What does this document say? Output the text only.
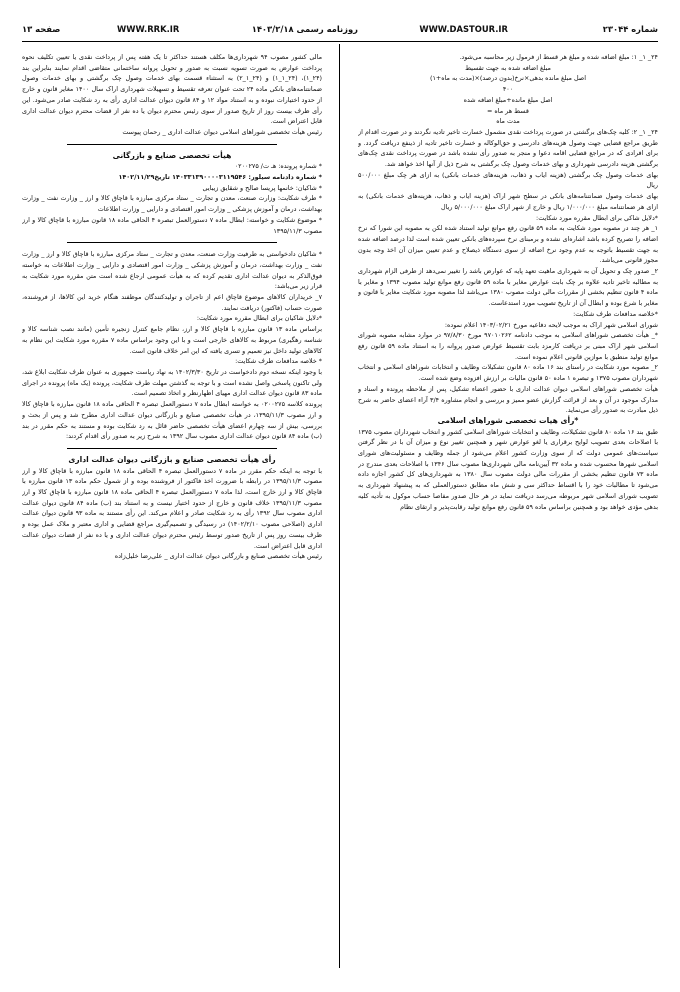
شماره ۲۳۰۴۴
WWW.DASTOUR.IR
روزنامه رسمی ۱۴۰۳/۲/۱۸
WWW.RRK.IR
صفحه ۱۳

۲۴_ ۱_ ۱: مبلغ اضافه شده و مبلغ هر قسط از فرمول زیر محاسبه می‌شود.

مبلغ اضافه شده به جهت تقسیط

اصل مبلغ مانده بدهی×نرخ(بدون درصد)×(مدت به ماه+۱)

۴۰۰

اصل مبلغ مانده+مبلغ اضافه شده

قسط هر ماه =

مدت ماه

۲۴_ ۱_ ۲: کلیه چک‌های برگشتی در صورت پرداخت نقدی مشمول خسارت تاخیر تادیه نگردند و در صورت اقدام از طریق مراجع قضایی جهت وصول هزینه‌های دادرسی و حق‌الوکاله و خسارت تاخیر تادیه از ذینفع دریافت گردد. و برای افرادی که در مراجع قضایی اقامه دعوا و منجر به صدور رأی نشده باشد در صورت پرداخت نقدی چک‌های برگشتی هزینه دادرسی شهرداری و بهای خدمات وصول چک برگشتی به شرح ذیل از آنها اخذ خواهد شد.

بهای خدمات وصول چک برگشتی (هزینه ایاب و ذهاب، هزینه‌های خدمات بانکی) به ازای هر چک مبلغ ۵۰۰/۰۰۰ ریال

بهای خدمات وصول ضمانتنامه‌های بانکی در سطح شهر اراک (هزینه ایاب و ذهاب، هزینه‌های خدمات بانکی) به ازای هر ضمانتنامه مبلغ ۱/۰۰۰/۰۰۰ ریال و خارج از شهر اراک مبلغ ۵/۰۰۰/۰۰۰ ریال

*دلایل شاکی برای ابطال مقرره مورد شکایت:

۱_ هر چند در مصوبه مورد شکایت به ماده ۵۹ قانون رفع موانع تولید استناد شده لکن به مصوبه این شورا که نرخ اضافه را تصریح کرده باشد اشاره‌ای نشده و برمبنای نرخ سپرده‌های بانکی تعیین شده است لذا درصد اضافه شده به جهت تقسیط باتوجه به عدم وجود نرخ اضافه از سوی دستگاه ذیصلاح و عدم تعیین میزان آن اخذ وجه بدون مجوز قانونی می‌باشد.

۲_ صدور چک و تحویل آن به شهرداری ماهیت تعهد پایه که عوارض باشد را تغییر نمی‌دهد از طرفی الزام شهرداری به مطالبه تاخیر تادیه علاوه بر چک بابت عوارض مغایر با ماده ۵۹ قانون رفع موانع تولید مصوب ۱۳۹۴ و مغایر با ماده ۴ قانون تنظیم بخشی از مقررات مالی دولت مصوب ۱۳۸۰ می‌باشد لذا مصوبه مورد شکایت مغایر با قانون و مغایر با شرع بوده و ابطال آن از تاریخ تصویب مورد استدعاست.

*خلاصه مدافعات طرف شکایت:

شورای اسلامی شهر اراک به موجب لایحه دفاعیه مورخ ۱۴۰۳/۰۲/۲۱ اعلام نموده:

*_ هیأت تخصصی شوراهای اسلامی به موجب دادنامه ۹۷۰۱۰۲۶۲ مورخ ۹۷/۸/۳۰ در موارد مشابه مصوبه شورای اسلامی شهر اراک مبنی بر دریافت کارمزد بابت تقسیط عوارض صدور پروانه را به استناد ماده ۵۹ قانون رفع موانع تولید منطبق با موازین قانونی اعلام نموده است.

۲_ مصوبه مورد شکایت در راستای بند ۱۶ ماده ۸۰ قانون تشکیلات وظایف و انتخابات شوراهای اسلامی و انتخاب شهرداران مصوب ۱۳۷۵ و تبصره ۱ ماده ۵۰ قانون مالیات بر ارزش افزوده وضع شده است.

هیأت تخصصی شوراهای اسلامی دیوان عدالت اداری با حضور اعضاء تشکیل، پس از ملاحظه پرونده و اسناد و مدارک موجود در آن و بعد از قرائت گزارش عضو ممیز و بررسی و انجام مشاوره ۳/۴ آراء اعضای حاضر به شرح ذیل مبادرت به صدور رأی می‌نماید.

*رأی هیات تخصصی شوراهای اسلامی

طبق بند ۱۶ ماده ۸۰ قانون تشکیلات، وظایف و انتخابات شوراهای اسلامی کشور و انتخاب شهرداران مصوب ۱۳۷۵ با اصلاحات بعدی تصویب لوایح برقراری یا لغو عوارض شهر و همچنین تغییر نوع و میزان آن با در نظر گرفتن سیاست‌های عمومی دولت که از سوی وزارت کشور اعلام می‌شود از جمله وظایف و مسئولیت‌های شورای اسلامی شهرها محسوب شده و ماده ۳۲ آیین‌نامه مالی شهرداری‌ها مصوب سال ۱۳۴۶ با اصلاحات بعدی مندرج در ماده ۷۳ قانون تنظیم بخشی از مقررات مالی دولت مصوب سال ۱۳۸۰ به شهرداری‌های کل کشور اجازه داده می‌شود تا مطالبات خود را با اقساط حداکثر سی و شش ماه مطابق دستورالعملی که به پیشنهاد شهرداری به تصویب شورای اسلامی شهر مربوطه می‌رسد دریافت نماید در هر حال صدور مفاصا حساب موکول به تأدیه کلیه بدهی مؤدی خواهد بود و همچنین براساس ماده ۵۹ قانون رفع موانع تولید رقابت‌پذیر و ارتقای نظام

مالی کشور مصوب ۹۴ شهرداری‌ها مکلف هستند حداکثر تا یک هفته پس از پرداخت نقدی یا تعیین تکلیف نحوه پرداخت عوارض به صورت تسویه نسبت به صدور و تحویل پروانه ساختمانی متقاضی اقدام نمایند بنابراین بند (۲۴_۱)، (۲۴_۱_۱) و (۲۴_۱_۲) به استثناء قسمت بهای خدمات وصول چک برگشتی و بهای خدمات وصول ضمانتنامه‌های بانکی ماده ۲۴ تحت عنوان تعرفه تقسیط و تسهیلات شهرداری اراک سال ۱۴۰۰ مغایر قانون و خارج از حدود اختیارات نبوده و به استناد مواد ۱۲ و ۸۴ قانون دیوان عدالت اداری رأی به رد شکایت صادر می‌شود. این رأی ظرف بیست روز از تاریخ صدور از سوی رئیس محترم دیوان یا ده نفر از قضات محترم دیوان عدالت اداری قابل اعتراض است.

رئیس هیأت تخصصی شوراهای اسلامی دیوان عدالت اداری _ رحمان پیوست

هیأت تخصصی صنایع و بازرگانی

* شماره پرونده: هـ ت/ ۰۲۰۰۲۷۵

* شماره دادنامه سیلور: ۱۴۰۳۳۱۳۹۰۰۰۰۳۱۱۹۵۴۶ تاریخ۱۴۰۲/۱۱/۲۹

* شاکیان: خانمها پریسا صالح و شقایق زیبایی

* طرف شکایت: وزارت صنعت، معدن و تجارت _ ستاد مرکزی مبارزه با قاچاق کالا و ارز _ وزارت نفت _ وزارت بهداشت، درمان و آموزش پزشکی _ وزارت امور اقتصادی و دارایی _ وزارت اطلاعات

* موضوع شکایت و خواسته: ابطال ماده ۷ دستورالعمل تبصره ۴ الحاقی ماده ۱۸ قانون مبارزه با قاچاق کالا و ارز مصوب ۱۳۹۵/۱۱/۳

* شاکیان دادخواستی به طرفیت وزارت صنعت، معدن و تجارت _ ستاد مرکزی مبارزه با قاچاق کالا و ارز _ وزارت نفت _ وزارت بهداشت، درمان و آموزش پزشکی _ وزارت امور اقتصادی و دارایی _ وزارت اطلاعات به خواسته فوق‌الذکر به دیوان عدالت اداری تقدیم کرده که به هیأت عمومی ارجاع شده است متن مقرره مورد شکایت به قرار زیر می‌باشد:

۷_ خریداران کالاهای موضوع قاچاق اعم از تاجران و تولیدکنندگان موظفند هنگام خرید این کالاها، از فروشنده، صورت حساب (فاکتور) دریافت نمایند.

*دلایل شاکیان برای ابطال مقرره مورد شکایت:

براساس ماده ۱۳ قانون مبارزه با قاچاق کالا و ارز، نظام جامع کنترل زنجیره تأمین (مانند نصب شناسه کالا و شناسه رهگیری) مربوط به کالاهای خارجی است و با این وجود براساس ماده ۷ مقرره مورد شکایت این نظام به کالاهای تولید داخل نیز تعمیم و تسری یافته که این امر خلاف قانون است.

* خلاصه مدافعات طرف شکایت:

با وجود اینکه نسخه دوم دادخواست در تاریخ ۱۴۰۲/۳/۳۰ به نهاد ریاست جمهوری به عنوان طرف شکایت ابلاغ شد، ولی تاکنون پاسخی واصل نشده است و با توجه به گذشتن مهلت طرف شکایت، پرونده (یک ماه) پرونده در اجرای ماده ۸۳ قانون دیوان عدالت اداری مهیای اظهارنظر و اتخاذ تصمیم است.

پرونده کلاسه ۰۲۰۰۲۷۵ به خواسته ابطال ماده ۷ دستورالعمل تبصره ۴ الحاقی ماده ۱۸ قانون مبارزه با قاچاق کالا و ارز مصوب ۱۳۹۵/۱۱/۳، در هیأت تخصصی صنایع و بازرگانی دیوان عدالت اداری مطرح شد و پس از بحث و بررسی، بیش از سه چهارم اعضای هیأت تخصصی حاضر قائل به رد شکایت بوده و مستند به حکم مقرر در بند (ب) ماده ۸۴ قانون دیوان عدالت اداری مصوب سال ۱۳۹۲ به شرح زیر به صدور رأی اقدام کردند:

رأی هیأت تخصصی صنایع و بازرگانی دیوان عدالت اداری

با توجه به اینکه حکم مقرر در ماده ۷ دستورالعمل تبصره ۴ الحاقی ماده ۱۸ قانون مبارزه با قاچاق کالا و ارز مصوب ۱۳۹۵/۱۱/۳ در رابطه با ضرورت اخذ فاکتور از فروشنده بوده و از شمول حکم ماده ۱۳ قانون مبارزه با قاچاق کالا و ارز خارج است، لذا ماده ۷ دستورالعمل تبصره ۴ الحاقی ماده ۱۸ قانون مبارزه با قاچاق کالا و ارز مصوب ۱۳۹۵/۱۱/۳ خلاف قانون و خارج از حدود اختیار نیست و به استناد بند (ب) ماده ۸۴ قانون دیوان عدالت اداری مصوب سال ۱۳۹۲ رأی به رد شکایت صادر و اعلام می‌کند. این رأی مستند به ماده ۹۳ قانون دیوان عدالت اداری (اصلاحی مصوب ۱۴۰۲/۲/۱۰) در رسیدگی و تصمیم‌گیری مراجع قضایی و اداری معتبر و ملاک عمل بوده و ظرف بیست روز پس از تاریخ صدور توسط رئیس محترم دیوان عدالت اداری و یا ده نفر از قضات دیوان عدالت اداری قابل اعتراض است.

رئیس هیأت تخصصی صنایع و بازرگانی دیوان عدالت اداری _ علی‌رضا خلیل‌زاده
